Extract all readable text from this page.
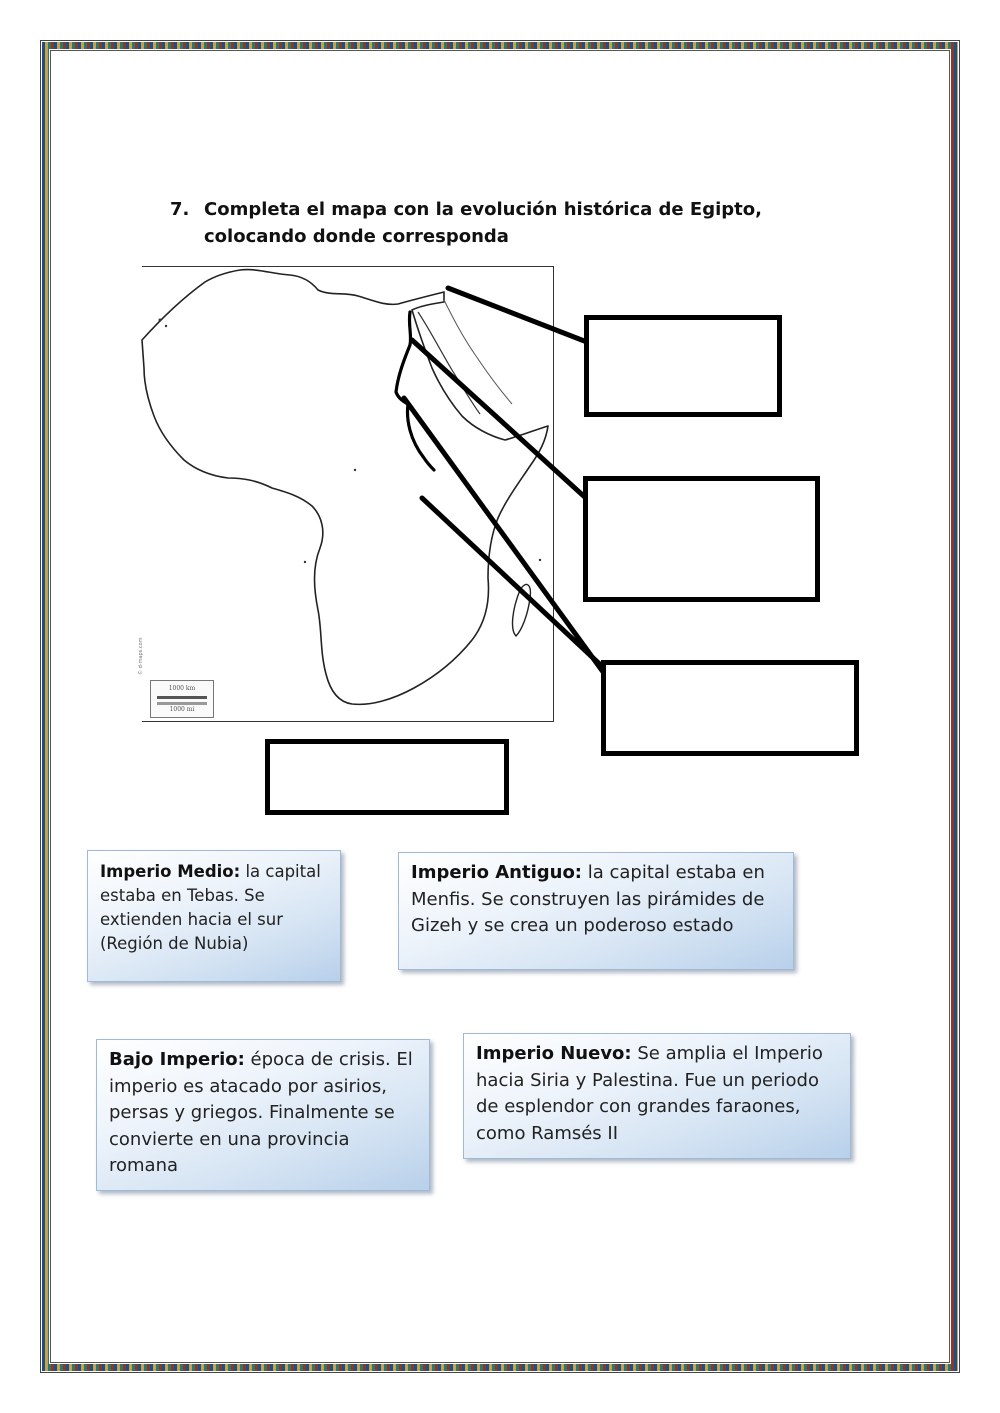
7. Completa el mapa con la evolución histórica de Egipto,
colocando donde corresponda
1000 km
1000 mi
© d-maps.com
Imperio Medio: la capital estaba en Tebas. Se extienden hacia el sur (Región de Nubia)
Imperio Antiguo: la capital estaba en Menfis. Se construyen las pirámides de Gizeh y se crea un poderoso estado
Bajo Imperio: época de crisis. El imperio es atacado por asirios, persas y griegos. Finalmente se convierte en una provincia romana
Imperio Nuevo: Se amplia el Imperio hacia Siria y Palestina. Fue un periodo de esplendor con grandes faraones, como Ramsés II
